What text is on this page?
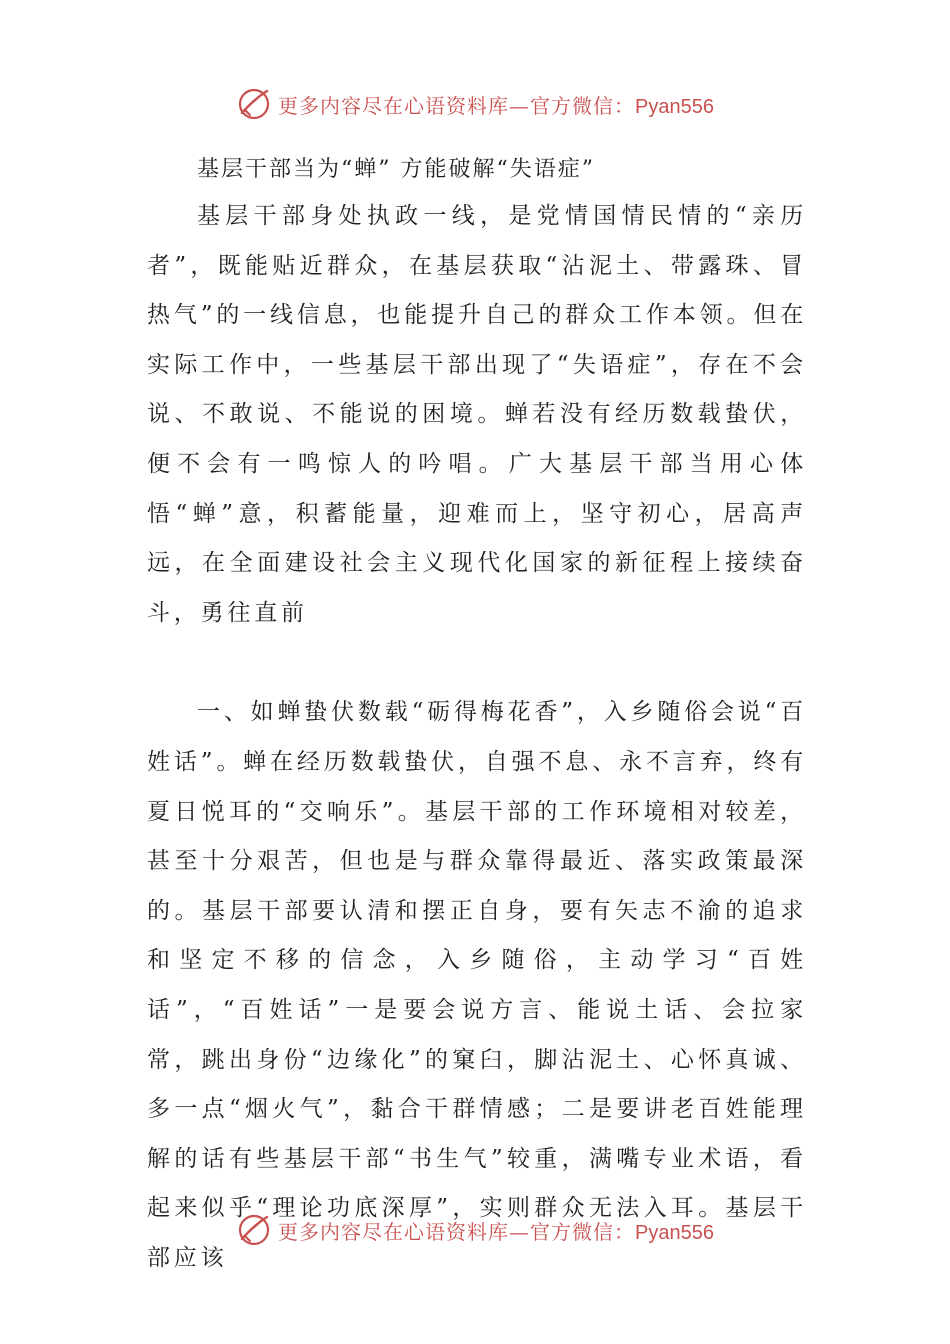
更多内容尽在心语资料库—官方微信：Pyan556
基层干部当为“蝉” 方能破解“失语症”

基层干部身处执政一线，是党情国情民情的“亲历者”，既能贴近群众，在基层获取“沾泥土、带露珠、冒热气”的一线信息，也能提升自己的群众工作本领。但在实际工作中，一些基层干部出现了“失语症”，存在不会说、不敢说、不能说的困境。蝉若没有经历数载蛰伏，便不会有一鸣惊人的吟唱。广大基层干部当用心体悟“蝉”意，积蓄能量，迎难而上，坚守初心，居高声远，在全面建设社会主义现代化国家的新征程上接续奋斗，勇往直前

一、如蝉蛰伏数载“砺得梅花香”，入乡随俗会说“百姓话”。蝉在经历数载蛰伏，自强不息、永不言弃，终有夏日悦耳的“交响乐”。基层干部的工作环境相对较差，甚至十分艰苦，但也是与群众靠得最近、落实政策最深的。基层干部要认清和摆正自身，要有矢志不渝的追求和坚定不移的信念，入乡随俗，主动学习“百姓话”，“百姓话”一是要会说方言、能说土话、会拉家常，跳出身份“边缘化”的窠臼，脚沾泥土、心怀真诚、多一点“烟火气”，黏合干群情感；二是要讲老百姓能理解的话有些基层干部“书生气”较重，满嘴专业术语，看起来似乎“理论功底深厚”，实则群众无法入耳。基层干部应该

更多内容尽在心语资料库—官方微信：Pyan556
